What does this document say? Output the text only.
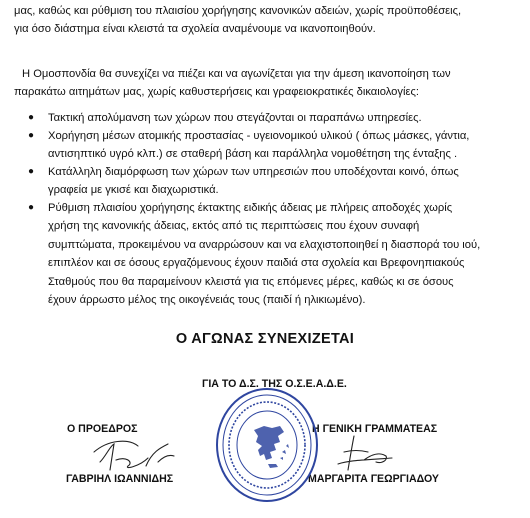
μας, καθώς και ρύθμιση του πλαισίου χορήγησης κανονικών αδειών, χωρίς προϋποθέσεις,
για όσο διάστημα είναι κλειστά τα σχολεία αναμένουμε να ικανοποιηθούν.
Η Ομοσπονδία θα συνεχίζει να πιέζει και να αγωνίζεται για την άμεση ικανοποίηση των
παρακάτω αιτημάτων μας, χωρίς καθυστερήσεις και γραφειοκρατικές δικαιολογίες:
● Τακτική απολύμανση των χώρων που στεγάζονται οι παραπάνω υπηρεσίες.
● Χορήγηση μέσων ατομικής προστασίας - υγειονομικού υλικού ( όπως μάσκες, γάντια,
αντισηπτικό υγρό κλπ.) σε σταθερή βάση και παράλληλα νομοθέτηση της ένταξης .
● Κατάλληλη διαμόρφωση των χώρων των υπηρεσιών που υποδέχονται κοινό, όπως
γραφεία με γκισέ και διαχωριστικά.
● Ρύθμιση πλαισίου χορήγησης έκτακτης ειδικής άδειας με πλήρεις αποδοχές χωρίς
χρήση της κανονικής άδειας, εκτός από τις περιπτώσεις που έχουν συναφή
συμπτώματα, προκειμένου να αναρρώσουν και να ελαχιστοποιηθεί η διασπορά του ιού,
επιπλέον και σε όσους εργαζόμενους έχουν παιδιά στα σχολεία και Βρεφονηπιακούς
Σταθμούς που θα παραμείνουν κλειστά για τις επόμενες μέρες, καθώς κι σε όσους
έχουν άρρωστο μέλος της οικογένειάς τους (παιδί ή ηλικιωμένο).
Ο ΑΓΩΝΑΣ ΣΥΝΕΧΙΖΕΤΑΙ
ΓΙΑ ΤΟ Δ.Σ. ΤΗΣ Ο.Σ.Ε.Α.Δ.Ε.
Ο ΠΡΟΕΔΡΟΣ	Η ΓΕΝΙΚΗ ΓΡΑΜΜΑΤΕΑΣ
ΓΑΒΡΙΗΛ ΙΩΑΝΝΙΔΗΣ	ΜΑΡΓΑΡΙΤΑ ΓΕΩΡΓΙΑΔΟΥ
